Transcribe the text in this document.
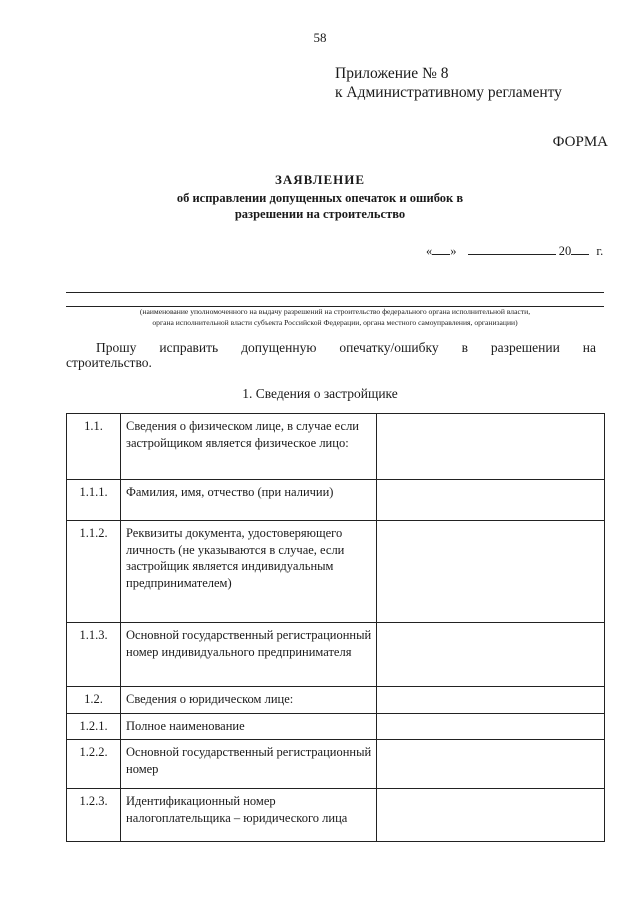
58
Приложение № 8
к Административному регламенту
ФОРМА
ЗАЯВЛЕНИЕ
об исправлении допущенных опечаток и ошибок в
разрешении на строительство
« »	20 г.
(наименование уполномоченного на выдачу разрешений на строительство федерального органа исполнительной власти,
органа исполнительной власти субъекта Российской Федерации, органа местного самоуправления, организации)
Прошу исправить допущенную опечатку/ошибку в разрешении на
строительство.
1. Сведения о застройщике
1.1.	Сведения о физическом лице, в случае если застройщиком является физическое лицо:	
1.1.1.	Фамилия, имя, отчество (при наличии)	
1.1.2.	Реквизиты документа, удостоверяющего личность (не указываются в случае, если застройщик является индивидуальным предпринимателем)	
1.1.3.	Основной государственный регистрационный номер индивидуального предпринимателя	
1.2.	Сведения о юридическом лице:	
1.2.1.	Полное наименование	
1.2.2.	Основной государственный регистрационный номер	
1.2.3.	Идентификационный номер налогоплательщика – юридического лица	
